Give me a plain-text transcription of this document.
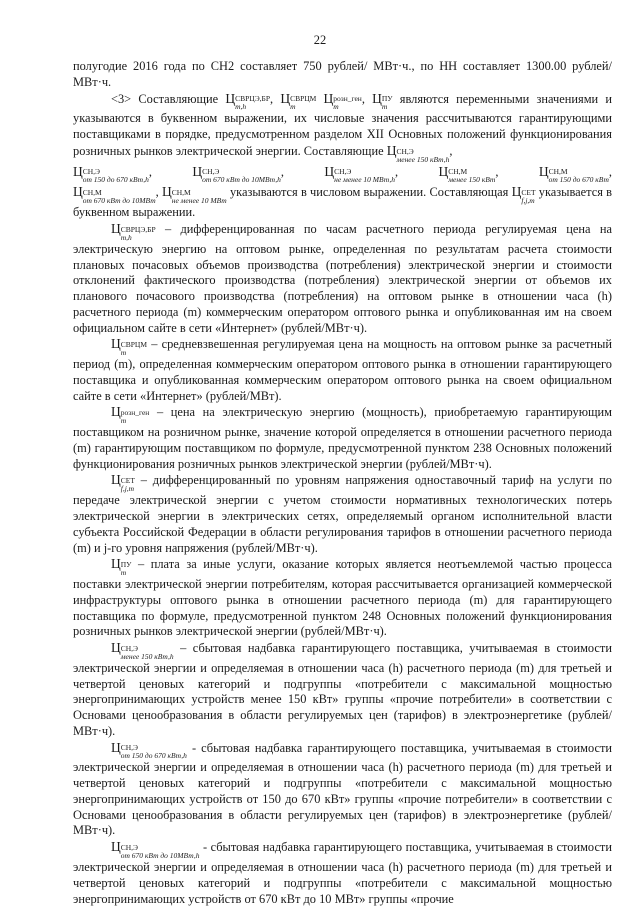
22

полугодие 2016 года по СН2 составляет 750 рублей/ МВт·ч., по НН составляет 1300.00 рублей/ МВт·ч.

<3> Составляющие Ц СВРЦЭ,БР
m,h
, Ц СВРЦМ
m
Ц розн_ген
m
, Ц ПУ
m
являются переменными значениями и указываются в буквенном выражении, их числовые значения рассчитываются гарантирующими поставщиками в порядке, предусмотренном разделом XII Основных положений функционирования розничных рынков электрической энергии. Составляющие Ц СН,Э
менее 150 кВт,h
,
Ц СН,Э
от 150 до 670 кВт,h
,	Ц СН,Э
от 670 кВт до 10МВт,h
,	Ц СН,Э
не менее 10 МВт,h
,	Ц СН,М
менее 150 кВт
,	Ц СН,М
от 150 до 670 кВт
,
Ц СН,М
от 670 кВт до 10МВт
, Ц СН,М
не менее 10 МВт
указываются в числовом выражении. Составляющая Ц СЕТ
f,j,m
указывается в буквенном выражении.

Ц СВРЦЭ,БР
m,h
– дифференцированная по часам расчетного периода регулируемая цена на электрическую энергию на оптовом рынке, определенная по результатам расчета стоимости плановых почасовых объемов производства (потребления) электрической энергии и стоимости отклонений фактического производства (потребления) электрической энергии от объемов их планового почасового производства (потребления) на оптовом рынке в отношении часа (h) расчетного периода (m) коммерческим оператором оптового рынка и опубликованная им на своем официальном сайте в сети «Интернет» (рублей/МВт·ч).

Ц СВРЦМ
m
– средневзвешенная регулируемая цена на мощность на оптовом рынке за расчетный период (m), определенная коммерческим оператором оптового рынка в отношении гарантирующего поставщика и опубликованная коммерческим оператором оптового рынка на своем официальном сайте в сети «Интернет» (рублей/МВт).

Ц розн_ген
m
– цена на электрическую энергию (мощность), приобретаемую гарантирующим поставщиком на розничном рынке, значение которой определяется в отношении расчетного периода (m) гарантирующим поставщиком по формуле, предусмотренной пунктом 238 Основных положений функционирования розничных рынков электрической энергии (рублей/МВт·ч).

Ц СЕТ
f,j,m
– дифференцированный по уровням напряжения одноставочный тариф на услуги по передаче электрической энергии с учетом стоимости нормативных технологических потерь электрической энергии в электрических сетях, определяемый органом исполнительной власти субъекта Российской Федерации в области регулирования тарифов в отношении расчетного периода (m) и j-го уровня напряжения (рублей/МВт·ч).

Ц ПУ
m
– плата за иные услуги, оказание которых является неотъемлемой частью процесса поставки электрической энергии потребителям, которая рассчитывается организацией коммерческой инфраструктуры оптового рынка в отношении расчетного периода (m) для гарантирующего поставщика по формуле, предусмотренной пунктом 248 Основных положений функционирования розничных рынков электрической энергии (рублей/МВт·ч).

Ц СН,Э
менее 150 кВт,h
– сбытовая надбавка гарантирующего поставщика, учитываемая в стоимости электрической энергии и определяемая в отношении часа (h) расчетного периода (m) для третьей и четвертой ценовых категорий и подгруппы «потребители с максимальной мощностью энергопринимающих устройств менее 150 кВт» группы «прочие потребители» в соответствии с Основами ценообразования в области регулируемых цен (тарифов) в электроэнергетике (рублей/МВт·ч).

Ц СН,Э
от 150 до 670 кВт,h
- сбытовая надбавка гарантирующего поставщика, учитываемая в стоимости электрической энергии и определяемая в отношении часа (h) расчетного периода (m) для третьей и четвертой ценовых категорий и подгруппы «потребители с максимальной мощностью энергопринимающих устройств от 150 до 670 кВт» группы «прочие потребители» в соответствии с Основами ценообразования в области регулируемых цен (тарифов) в электроэнергетике (рублей/МВт·ч).

Ц СН,Э
от 670 кВт до 10МВт,h
- сбытовая надбавка гарантирующего поставщика, учитываемая в стоимости электрической энергии и определяемая в отношении часа (h) расчетного периода (m) для третьей и четвертой ценовых категорий и подгруппы «потребители с максимальной мощностью энергопринимающих устройств от 670 кВт до 10 МВт» группы «прочие
